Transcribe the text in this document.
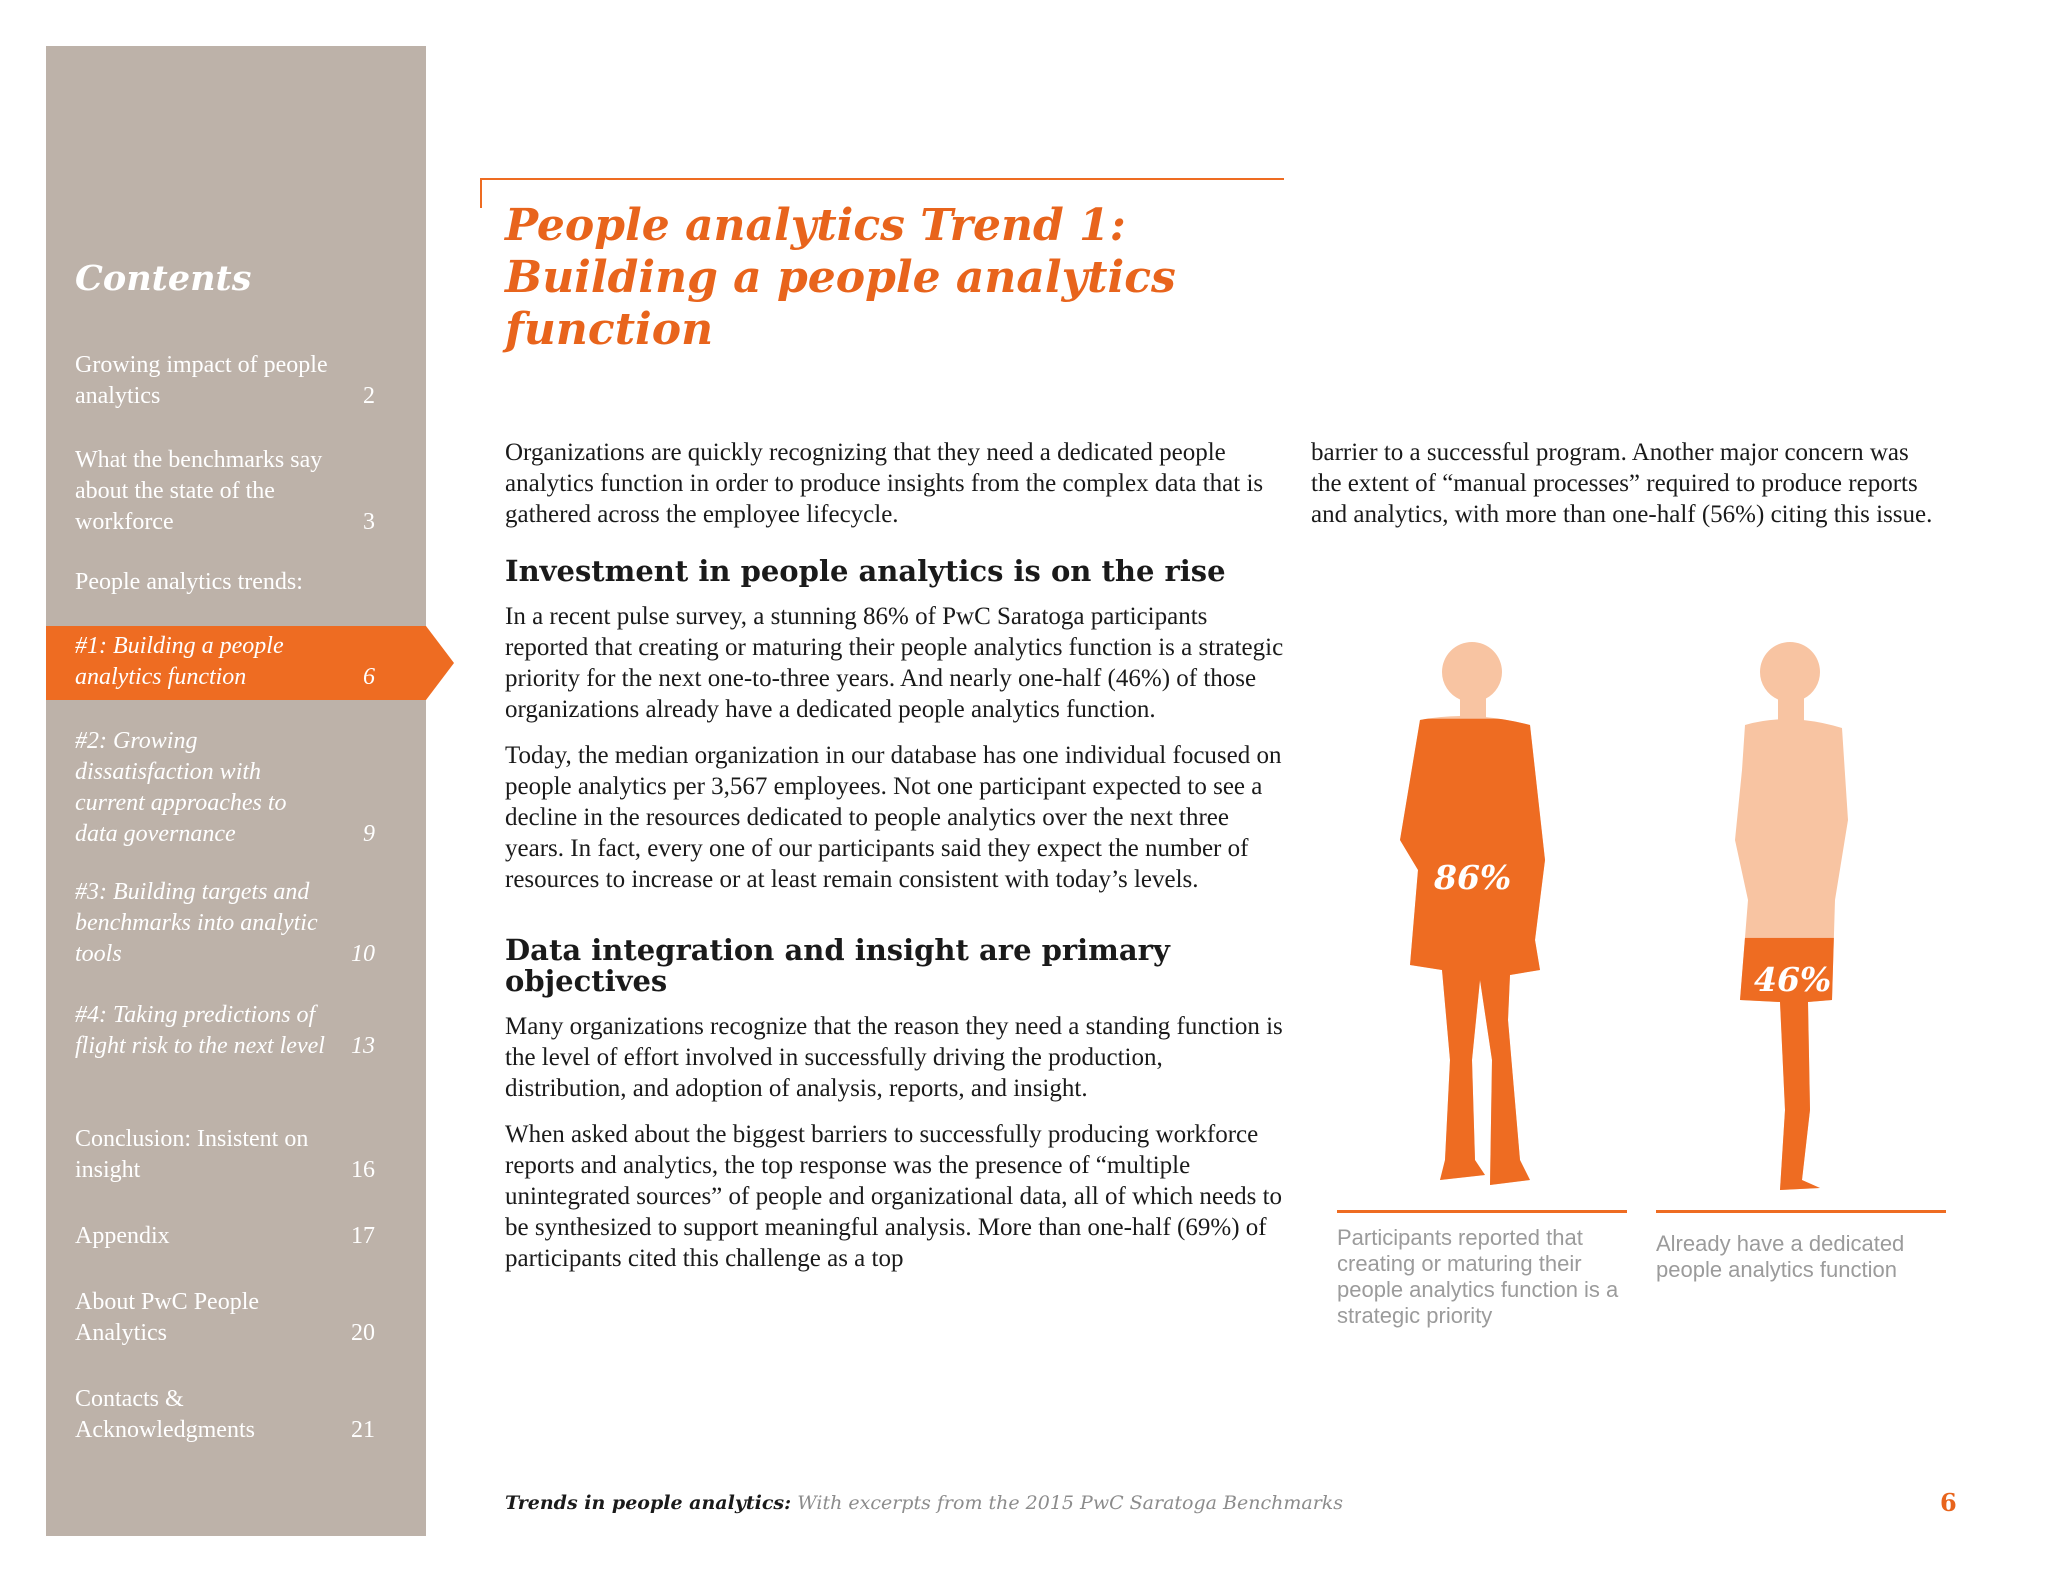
Contents
Growing impact of people analytics	2
What the benchmarks say about the state of the workforce	3
People analytics trends:
#1: Building a people analytics function	6
#2: Growing dissatisfaction with current approaches to data governance	9
#3: Building targets and benchmarks into analytic tools	10
#4: Taking predictions of flight risk to the next level	13
Conclusion: Insistent on insight	16
Appendix	17
About PwC People Analytics	20
Contacts & Acknowledgments	21
People analytics Trend 1: Building a people analytics function

Organizations are quickly recognizing that they need a dedicated people analytics function in order to produce insights from the complex data that is gathered across the employee lifecycle.

Investment in people analytics is on the rise

In a recent pulse survey, a stunning 86% of PwC Saratoga participants reported that creating or maturing their people analytics function is a strategic priority for the next one-to-three years. And nearly one-half (46%) of those organizations already have a dedicated people analytics function.

Today, the median organization in our database has one individual focused on people analytics per 3,567 employees. Not one participant expected to see a decline in the resources dedicated to people analytics over the next three years. In fact, every one of our participants said they expect the number of resources to increase or at least remain consistent with today’s levels.

Data integration and insight are primary objectives

Many organizations recognize that the reason they need a standing function is the level of effort involved in successfully driving the production, distribution, and adoption of analysis, reports, and insight.

When asked about the biggest barriers to successfully producing workforce reports and analytics, the top response was the presence of “multiple unintegrated sources” of people and organizational data, all of which needs to be synthesized to support meaningful analysis. More than one-half (69%) of participants cited this challenge as a top

barrier to a successful program. Another major concern was the extent of “manual processes” required to produce reports and analytics, with more than one-half (56%) citing this issue.

86%
46%
Participants reported that creating or maturing their people analytics function is a strategic priority
Already have a dedicated people analytics function
Trends in people analytics: With excerpts from the 2015 PwC Saratoga Benchmarks	6
